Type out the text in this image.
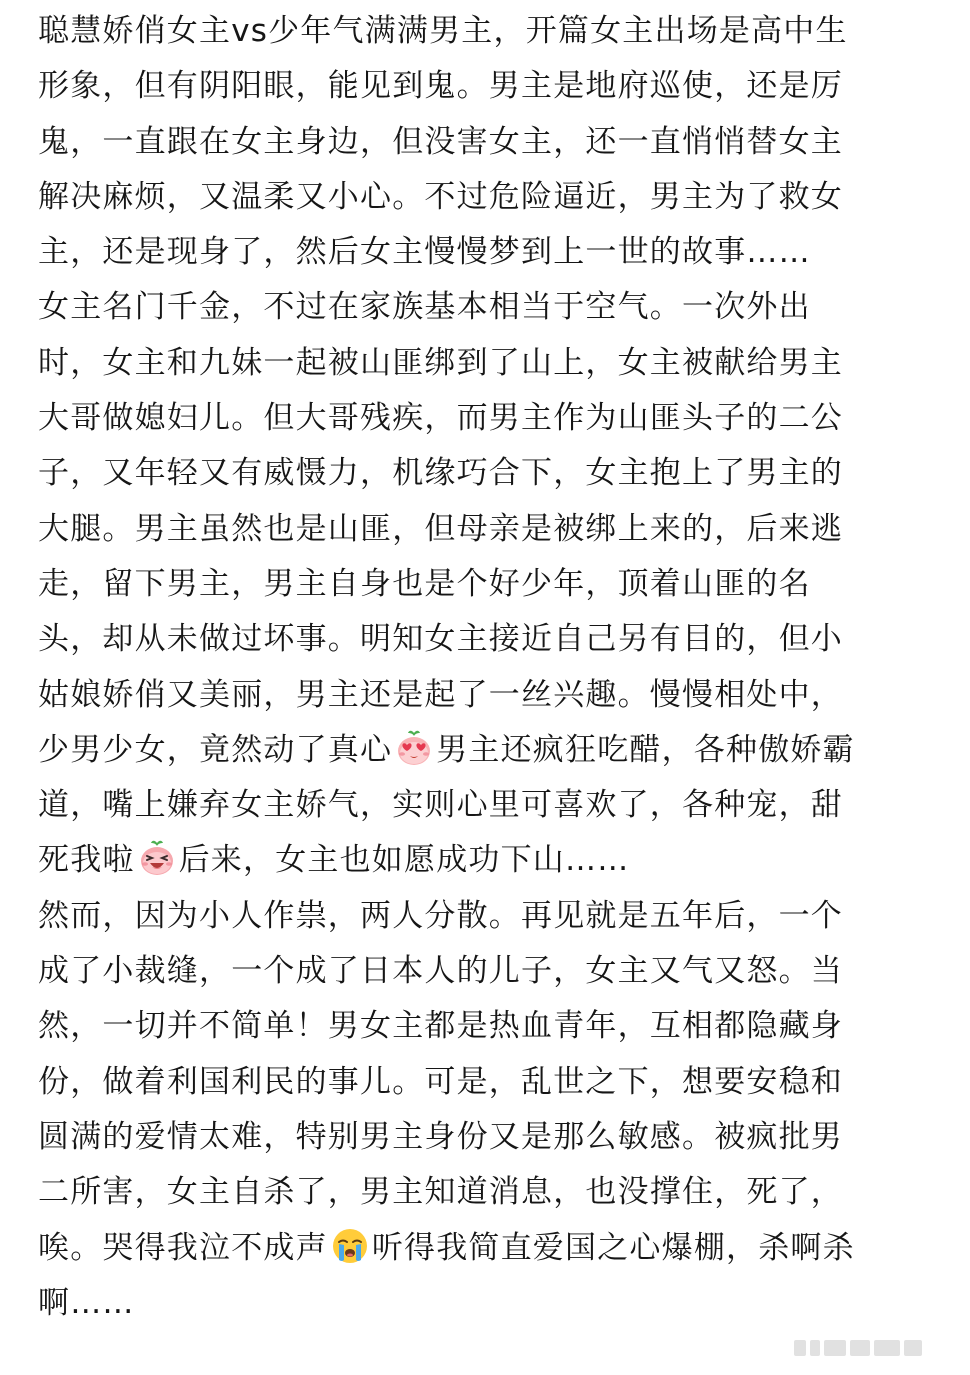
聪慧娇俏女主vs少年气满满男主，开篇女主出场是高中生
形象，但有阴阳眼，能见到鬼。男主是地府巡使，还是厉
鬼，一直跟在女主身边，但没害女主，还一直悄悄替女主
解决麻烦，又温柔又小心。不过危险逼近，男主为了救女
主，还是现身了，然后女主慢慢梦到上一世的故事……
女主名门千金，不过在家族基本相当于空气。一次外出
时，女主和九妹一起被山匪绑到了山上，女主被献给男主
大哥做媳妇儿。但大哥残疾，而男主作为山匪头子的二公
子，又年轻又有威慑力，机缘巧合下，女主抱上了男主的
大腿。男主虽然也是山匪，但母亲是被绑上来的，后来逃
走，留下男主，男主自身也是个好少年，顶着山匪的名
头，却从未做过坏事。明知女主接近自己另有目的，但小
姑娘娇俏又美丽，男主还是起了一丝兴趣。慢慢相处中，
少男少女，竟然动了真心 男主还疯狂吃醋，各种傲娇霸
道，嘴上嫌弃女主娇气，实则心里可喜欢了，各种宠，甜
死我啦 后来，女主也如愿成功下山……
然而，因为小人作祟，两人分散。再见就是五年后，一个
成了小裁缝，一个成了日本人的儿子，女主又气又怒。当
然，一切并不简单！男女主都是热血青年，互相都隐藏身
份，做着利国利民的事儿。可是，乱世之下，想要安稳和
圆满的爱情太难，特别男主身份又是那么敏感。被疯批男
二所害，女主自杀了，男主知道消息，也没撑住，死了，
唉。哭得我泣不成声 听得我简直爱国之心爆棚，杀啊杀
啊……
